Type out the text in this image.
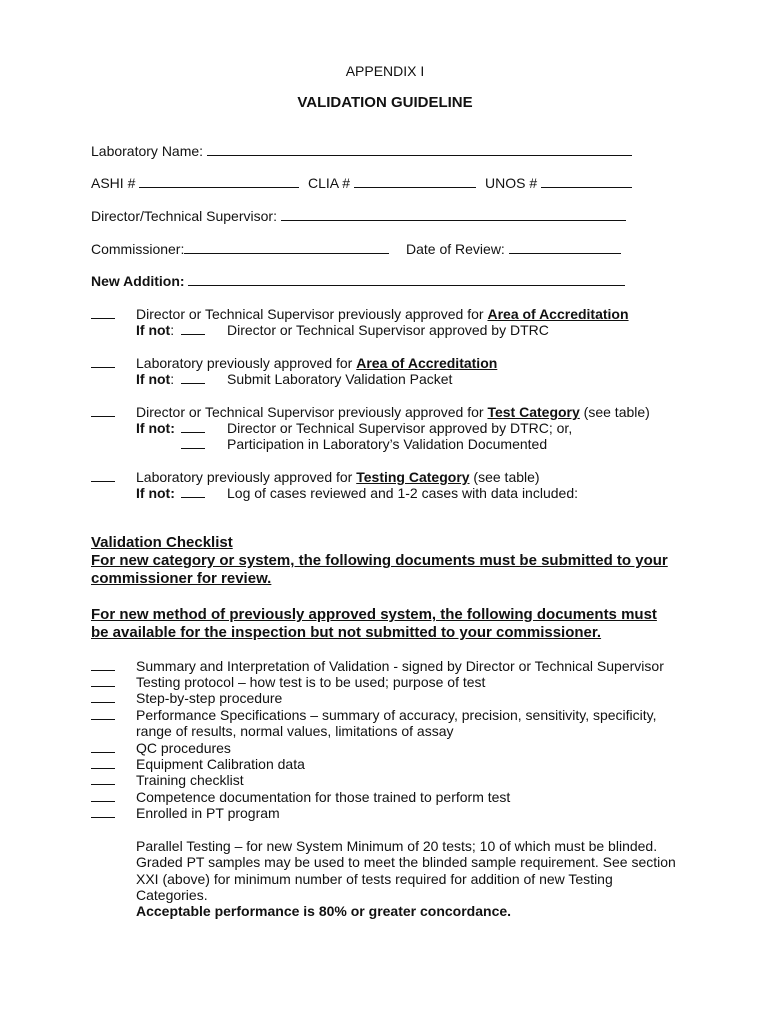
APPENDIX I
VALIDATION GUIDELINE
Laboratory Name:
ASHI #	CLIA #	UNOS #
Director/Technical Supervisor:
Commissioner:	Date of Review:
New Addition:
Director or Technical Supervisor previously approved for Area of Accreditation
If not:	Director or Technical Supervisor approved by DTRC
Laboratory previously approved for Area of Accreditation
If not:	Submit Laboratory Validation Packet
Director or Technical Supervisor previously approved for Test Category (see table)
If not:	Director or Technical Supervisor approved by DTRC; or,
Participation in Laboratory’s Validation Documented
Laboratory previously approved for Testing Category (see table)
If not:	Log of cases reviewed and 1-2 cases with data included:
Validation Checklist
For new category or system, the following documents must be submitted to your
commissioner for review.
For new method of previously approved system, the following documents must
be available for the inspection but not submitted to your commissioner.
Summary and Interpretation of Validation - signed by Director or Technical Supervisor
Testing protocol – how test is to be used; purpose of test
Step-by-step procedure
Performance Specifications – summary of accuracy, precision, sensitivity, specificity,
range of results, normal values, limitations of assay
QC procedures
Equipment Calibration data
Training checklist
Competence documentation for those trained to perform test
Enrolled in PT program
Parallel Testing – for new System Minimum of 20 tests; 10 of which must be blinded.
Graded PT samples may be used to meet the blinded sample requirement. See section
XXI (above) for minimum number of tests required for addition of new Testing
Categories.
Acceptable performance is 80% or greater concordance.
